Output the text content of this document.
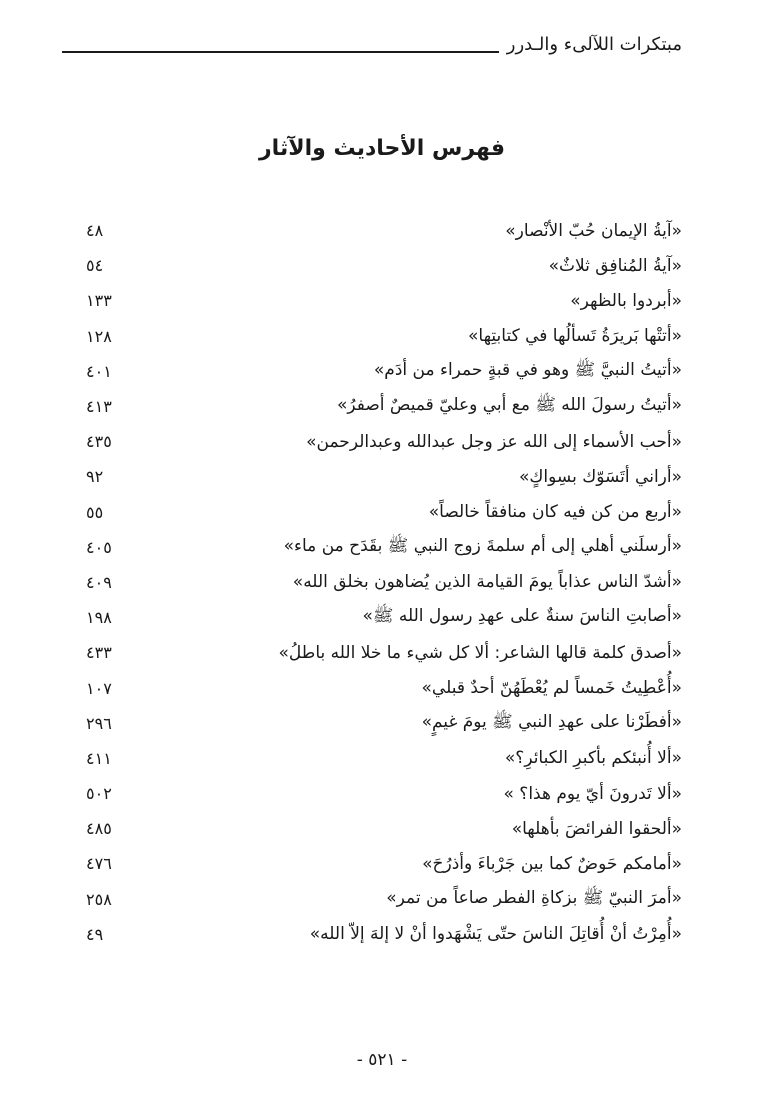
مبتكرات اللآلىء والـدرر
فهرس الأحاديث والآثار
«آيةُ الإيمان حُبّ الأنْصار»
٤٨
«آيةُ المُنافِق ثلاثٌ»
٥٤
«أبردوا بالظهر»
١٣٣
«أتتْها بَريرَةُ تَسألُها في كتابتِها»
١٢٨
«أتيتُ النبيَّ ﷺ وهو في قبةٍ حمراء من أدَم»
٤٠١
«أتيتُ رسولَ الله ﷺ مع أبي وعليّ قميصٌ أصفرُ»
٤١٣
«أحب الأسماء إلى الله عز وجل عبدالله وعبدالرحمن»
٤٣٥
«أراني أتَسَوّك بسِواكٍ»
٩٢
«أربع من كن فيه كان منافقاً خالصاً»
٥٥
«أرسلَني أهلي إلى أم سلمةَ زوج النبي ﷺ بقَدَح من ماء»
٤٠٥
«أشدّ الناس عذاباً يومَ القيامة الذين يُضاهون بخلق الله»
٤٠٩
«أصابتِ الناسَ سنةٌ على عهدِ رسول الله ﷺ»
١٩٨
«أصدق كلمة قالها الشاعر: ألا كل شيء ما خلا الله باطلُ»
٤٣٣
«أُعْطِيتُ خَمساً لم يُعْطَهُنّ أحدٌ قبلي»
١٠٧
«أفطَرْنا على عهدِ النبي ﷺ يومَ غيمٍ»
٢٩٦
«ألا أُنبئكم بأكبرِ الكبائرِ؟»
٤١١
«ألا تَدرونَ أيّ يوم هذا؟ »
٥٠٢
«ألحقوا الفرائضَ بأهلها»
٤٨٥
«أمامكم حَوضٌ كما بين جَرْباءَ وأذرُحَ»
٤٧٦
«أمرَ النبيّ ﷺ بزكاةِ الفطر صاعاً من تمر»
٢٥٨
«أُمِرْتُ أنْ أُقاتِلَ الناسَ حتّى يَشْهَدوا أنْ لا إلهَ إلاّ الله»
٤٩
- ٥٢١ -
